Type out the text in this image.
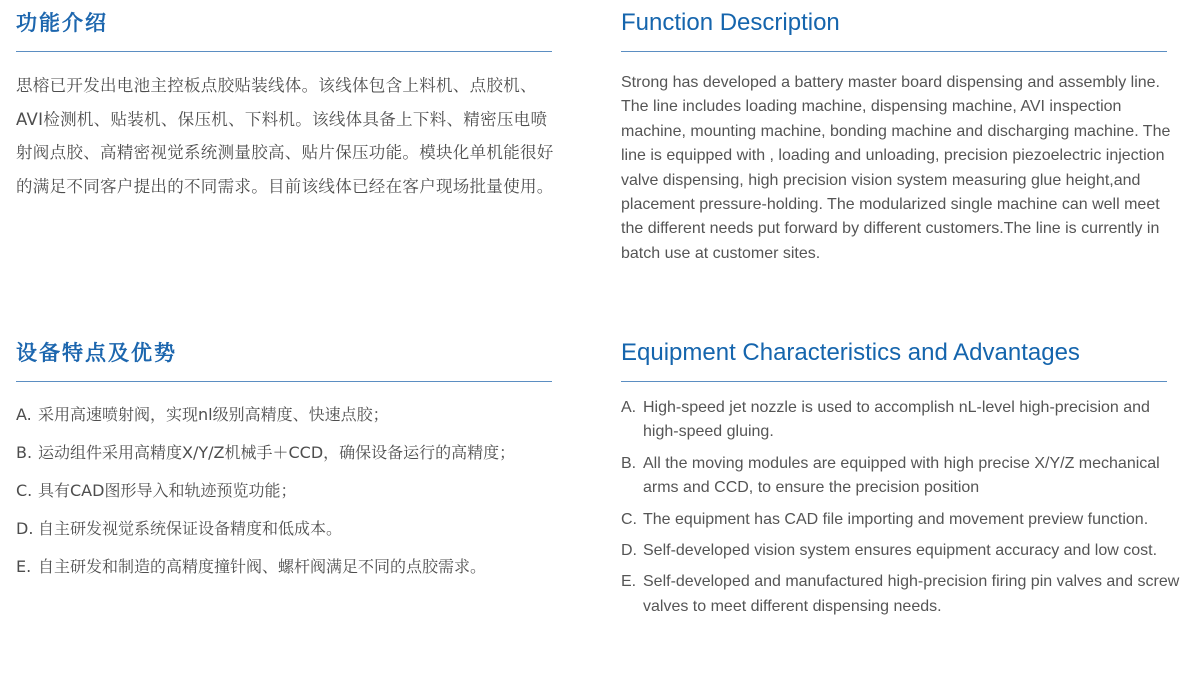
功能介绍

思榕已开发出电池主控板点胶贴装线体。该线体包含上料机、点胶机、AVI检测机、贴装机、保压机、下料机。该线体具备上下料、精密压电喷射阀点胶、高精密视觉系统测量胶高、贴片保压功能。模块化单机能很好的满足不同客户提出的不同需求。目前该线体已经在客户现场批量使用。

设备特点及优势
A. 采用高速喷射阀，实现nl级别高精度、快速点胶；
B. 运动组件采用高精度X/Y/Z机械手＋CCD，确保设备运行的高精度；
C. 具有CAD图形导入和轨迹预览功能；
D. 自主研发视觉系统保证设备精度和低成本。
E. 自主研发和制造的高精度撞针阀、螺杆阀满足不同的点胶需求。
Function Description

Strong has developed a battery master board dispensing and assembly line. The line includes loading machine, dispensing machine, AVI inspection machine, mounting machine, bonding machine and discharging machine. The line is equipped with , loading and unloading, precision piezoelectric injection valve dispensing, high precision vision system measuring glue height,and placement pressure-holding. The modularized single machine can well meet the different needs put forward by different customers.The line is currently in batch use at customer sites.

Equipment Characteristics and Advantages
A. High-speed jet nozzle is used to accomplish nL-level high-precision and high-speed gluing.
B. All the moving modules are equipped with high precise X/Y/Z mechanical arms and CCD, to ensure the precision position
C. The equipment has CAD file importing and movement preview function.
D. Self-developed vision system ensures equipment accuracy and low cost.
E. Self-developed and manufactured high-precision firing pin valves and screw valves to meet different dispensing needs.
